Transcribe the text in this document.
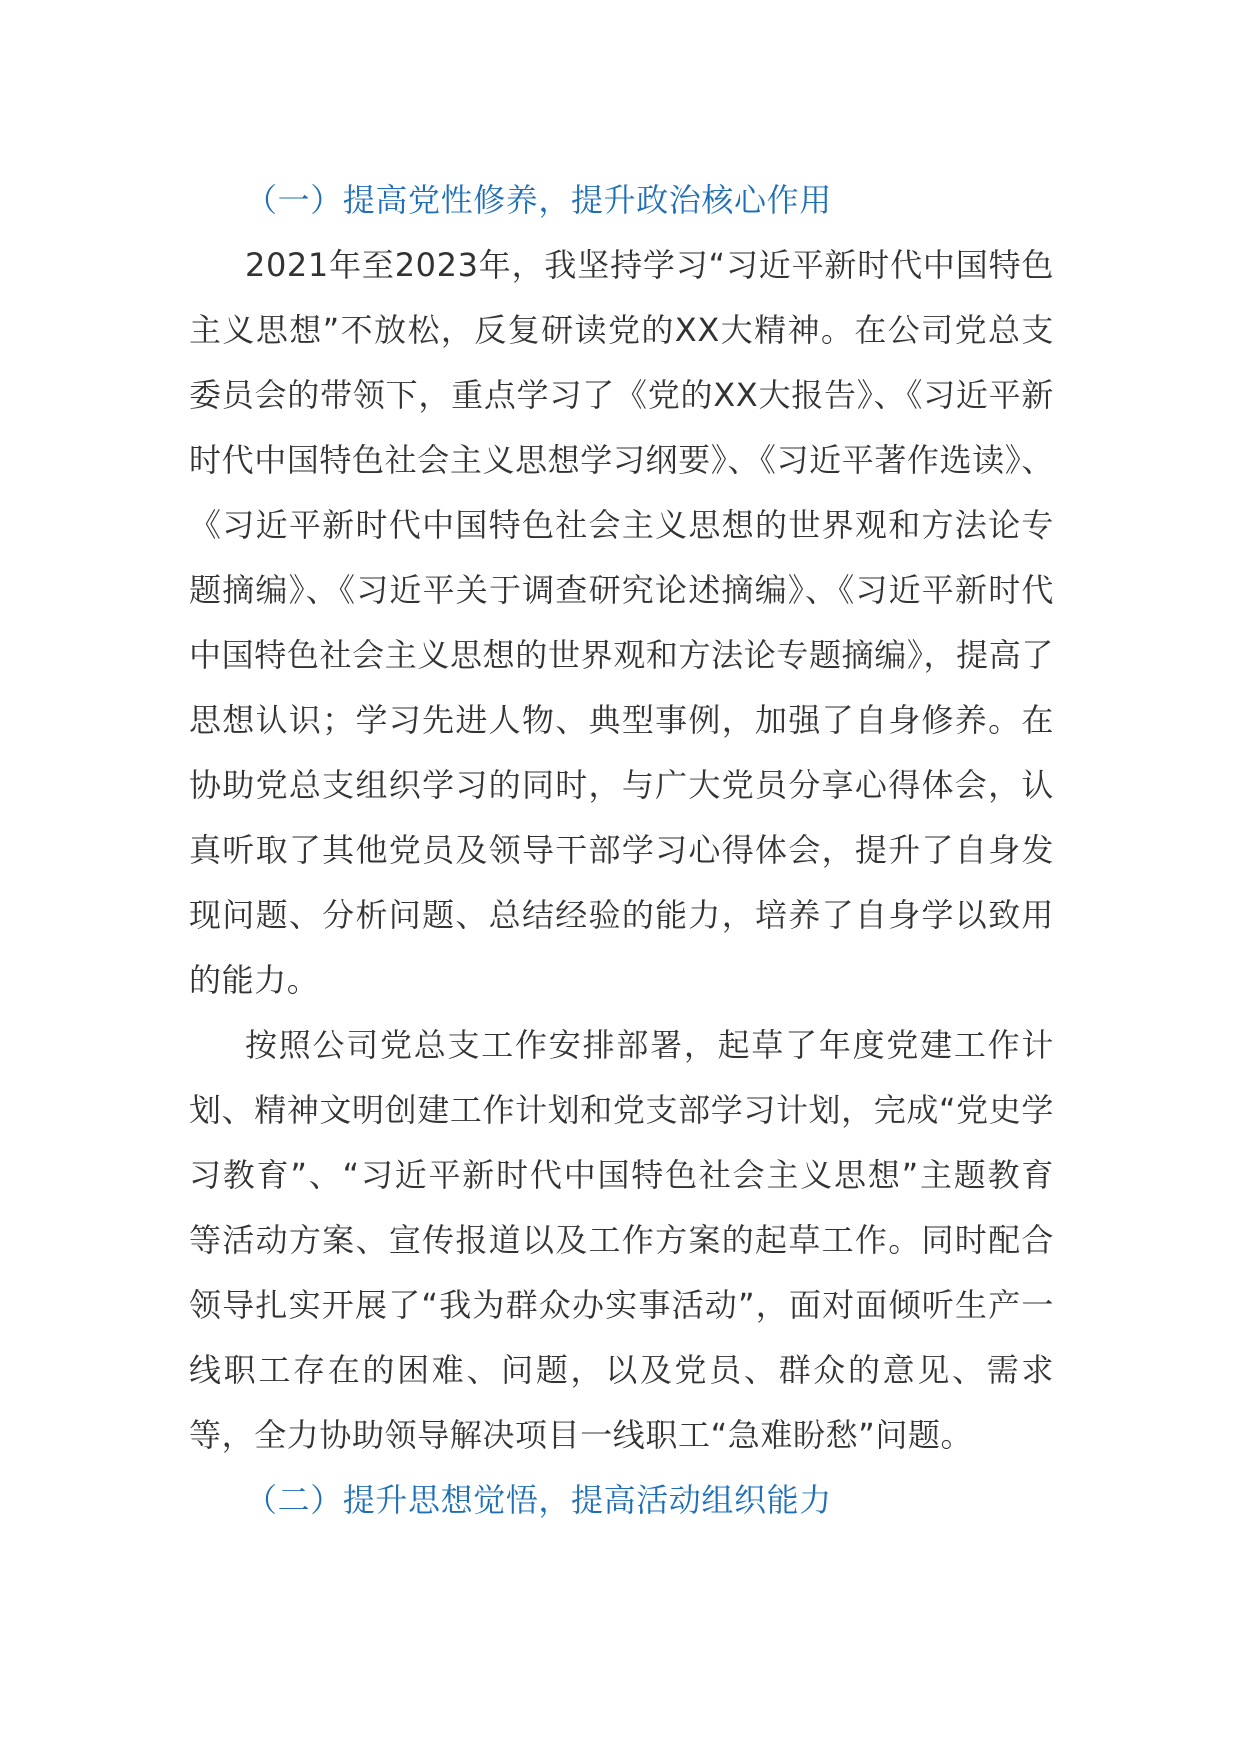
（一）提高党性修养，提升政治核心作用

2021年至2023年，我坚持学习“习近平新时代中国特色主义思想”不放松，反复研读党的XX大精神。在公司党总支委员会的带领下，重点学习了《党的XX大报告》、《习近平新时代中国特色社会主义思想学习纲要》、《习近平著作选读》、《习近平新时代中国特色社会主义思想的世界观和方法论专题摘编》、《习近平关于调查研究论述摘编》、《习近平新时代中国特色社会主义思想的世界观和方法论专题摘编》，提高了思想认识；学习先进人物、典型事例，加强了自身修养。在协助党总支组织学习的同时，与广大党员分享心得体会，认真听取了其他党员及领导干部学习心得体会，提升了自身发现问题、分析问题、总结经验的能力，培养了自身学以致用的能力。

按照公司党总支工作安排部署，起草了年度党建工作计划、精神文明创建工作计划和党支部学习计划，完成“党史学习教育”、“习近平新时代中国特色社会主义思想”主题教育等活动方案、宣传报道以及工作方案的起草工作。同时配合领导扎实开展了“我为群众办实事活动”，面对面倾听生产一线职工存在的困难、问题，以及党员、群众的意见、需求等，全力协助领导解决项目一线职工“急难盼愁”问题。

（二）提升思想觉悟，提高活动组织能力
